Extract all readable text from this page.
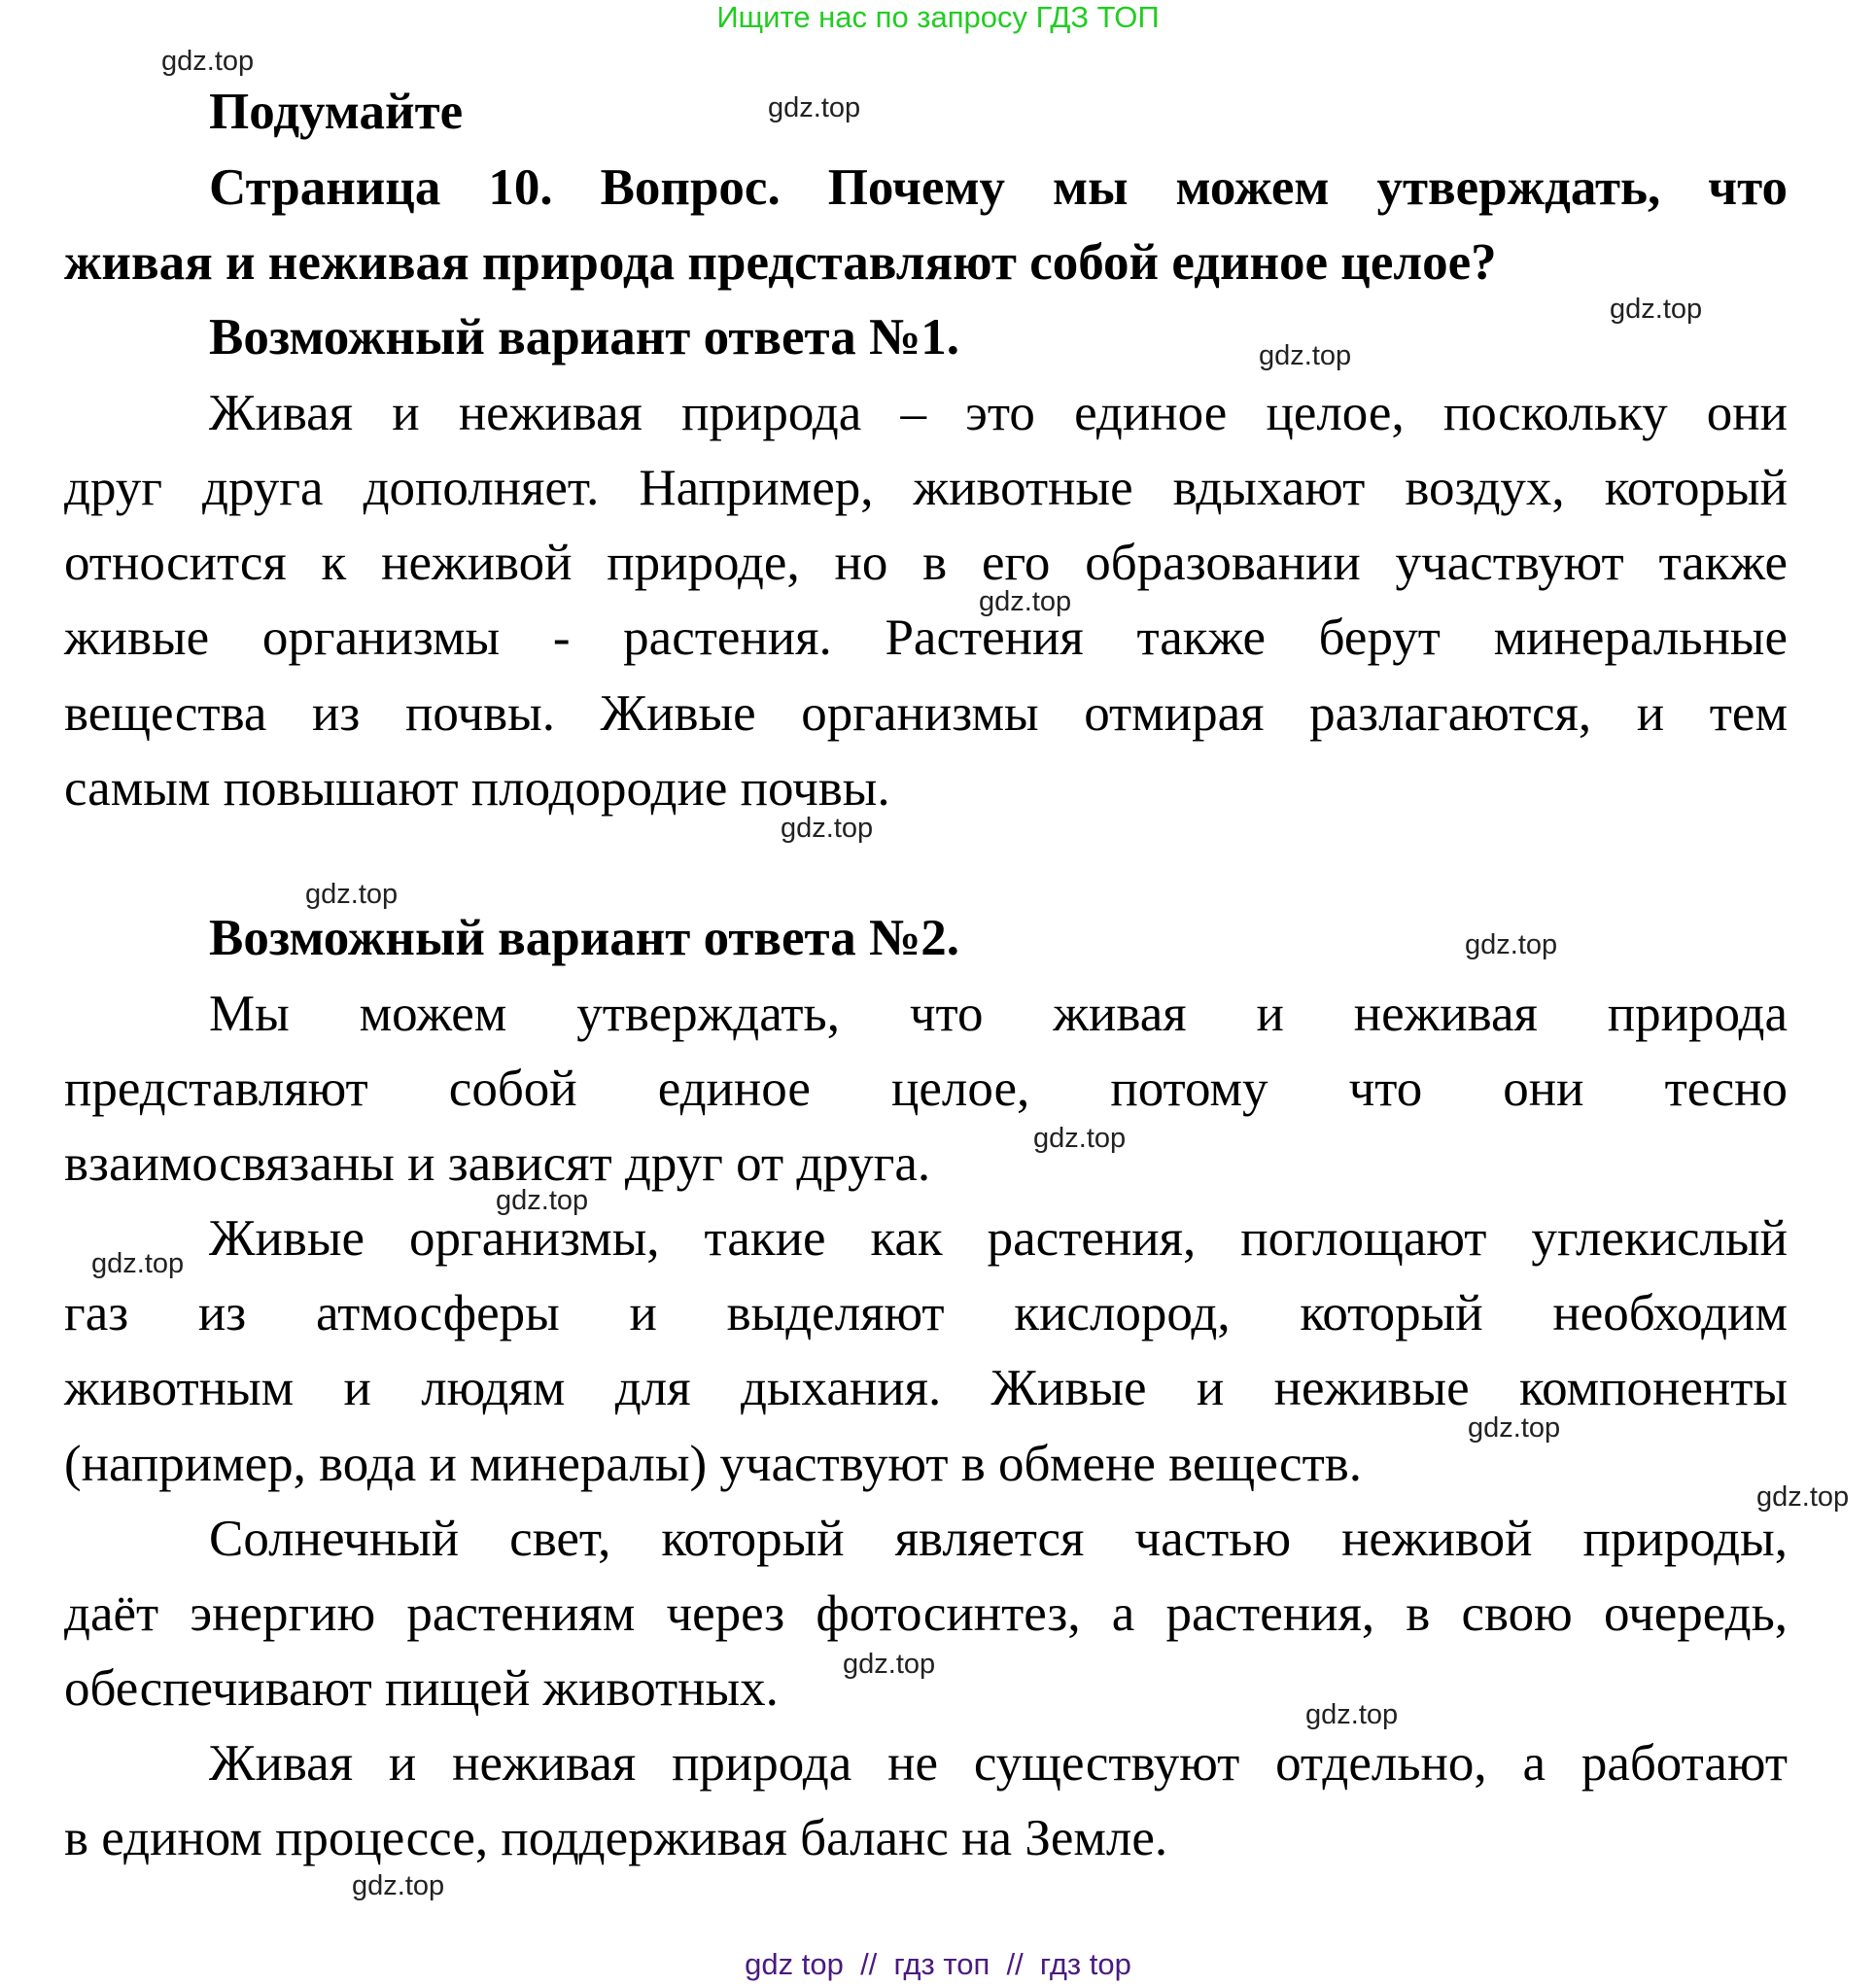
Ищите нас по запросу ГДЗ ТОП
Подумайте
Страница 10. Вопрос. Почему мы можем утверждать, что
живая и неживая природа представляют собой единое целое?
Возможный вариант ответа №1.
Живая и неживая природа – это единое целое, поскольку они
друг друга дополняет. Например, животные вдыхают воздух, который
относится к неживой природе, но в его образовании участвуют также
живые организмы - растения. Растения также берут минеральные
вещества из почвы. Живые организмы отмирая разлагаются, и тем
самым повышают плодородие почвы.
Возможный вариант ответа №2.
Мы можем утверждать, что живая и неживая природа
представляют собой единое целое, потому что они тесно
взаимосвязаны и зависят друг от друга.
Живые организмы, такие как растения, поглощают углекислый
газ из атмосферы и выделяют кислород, который необходим
животным и людям для дыхания. Живые и неживые компоненты
(например, вода и минералы) участвуют в обмене веществ.
Солнечный свет, который является частью неживой природы,
даёт энергию растениям через фотосинтез, а растения, в свою очередь,
обеспечивают пищей животных.
Живая и неживая природа не существуют отдельно, а работают
в едином процессе, поддерживая баланс на Земле.
gdz.top
gdz.top
gdz.top
gdz.top
gdz.top
gdz.top
gdz.top
gdz.top
gdz.top
gdz.top
gdz.top
gdz.top
gdz.top
gdz.top
gdz.top
gdz.top
gdz top  //  гдз топ  //  гдз top
